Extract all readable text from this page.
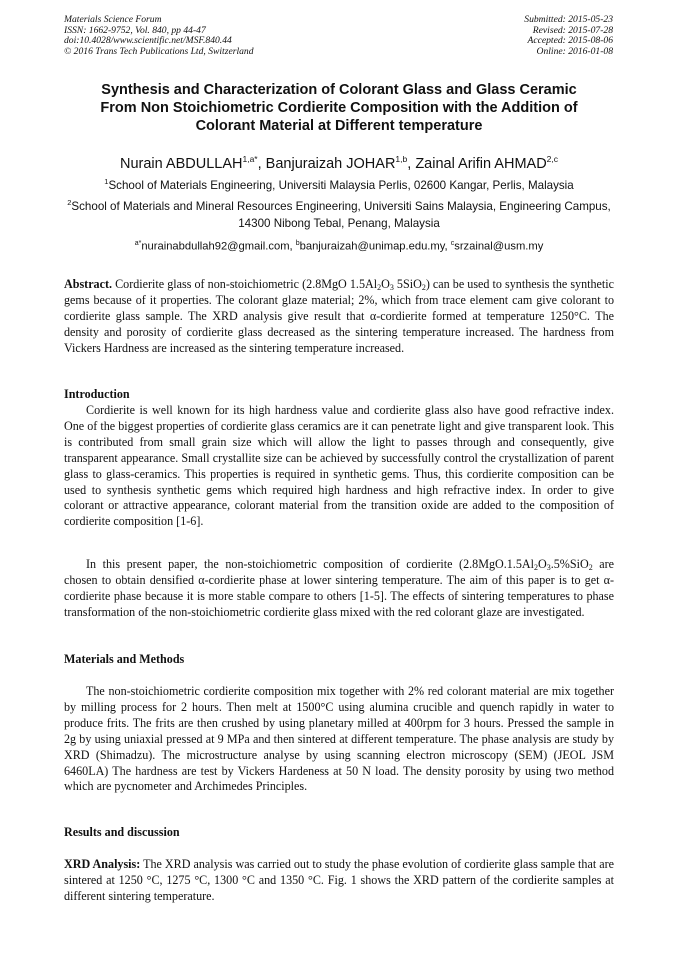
Materials Science Forum
ISSN: 1662-9752, Vol. 840, pp 44-47
doi:10.4028/www.scientific.net/MSF.840.44
© 2016 Trans Tech Publications Ltd, Switzerland
Submitted: 2015-05-23
Revised: 2015-07-28
Accepted: 2015-08-06
Online: 2016-01-08
Synthesis and Characterization of Colorant Glass and Glass Ceramic
From Non Stoichiometric Cordierite Composition with the Addition of
Colorant Material at Different temperature
Nurain $ABDULLAH^{1,a*}$, Banjuraizah JOHAR$^{1,b}$, Zainal Arifin AHMAD$^{2,c}$
$^1$School of Materials Engineering, Universiti Malaysia Perlis, 02600 Kangar, Perlis, Malaysia
$^2$School of Materials and Mineral Resources Engineering, Universiti Sains Malaysia, Engineering Campus, 14300 Nibong Tebal, Penang, Malaysia
$^{a*}$nurainabdullah92@gmail.com, $^b$banjuraizah@unimap.edu.my, $^c$srzainal@usm.my
Abstract. Cordierite glass of non-stoichiometric (2.8MgO $1.5Al_2O_3$ 5SiO$_2$) can be used to synthesis the synthetic gems because of it properties. The colorant glaze material; 2%, which from trace element cam give colorant to cordierite glass sample. The XRD analysis give result that α-cordierite formed at temperature 1250°C. The density and porosity of cordierite glass decreased as the sintering temperature increased. The hardness from Vickers Hardness are increased as the sintering temperature increased.
Introduction
Cordierite is well known for its high hardness value and cordierite glass also have good refractive index. One of the biggest properties of cordierite glass ceramics are it can penetrate light and give transparent look. This is contributed from small grain size which will allow the light to passes through and consequently, give transparent appearance. Small crystallite size can be achieved by successfully control the crystallization of parent glass to glass-ceramics. This properties is required in synthetic gems. Thus, this cordierite composition can be used to synthesis synthetic gems which required high hardness and high refractive index. In order to give colorant or attractive appearance, colorant material from the transition oxide are added to the composition of cordierite composition [1-6].
In this present paper, the non-stoichiometric composition of cordierite ($2.8MgO.1.5Al_2O_3.5\%SiO_2$ are chosen to obtain densified α-cordierite phase at lower sintering temperature. The aim of this paper is to get α-cordierite phase because it is more stable compare to others [1-5]. The effects of sintering temperatures to phase transformation of the non-stoichiometric cordierite glass mixed with the red colorant glaze are investigated.
Materials and Methods
The non-stoichiometric cordierite composition mix together with 2% red colorant material are mix together by milling process for 2 hours. Then melt at 1500°C using alumina crucible and quench rapidly in water to produce frits. The frits are then crushed by using planetary milled at 400rpm for 3 hours. Pressed the sample in 2g by using uniaxial pressed at 9 MPa and then sintered at different temperature. The phase analysis are study by XRD (Shimadzu). The microstructure analyse by using scanning electron microscopy (SEM) (JEOL JSM 6460LA) The hardness are test by Vickers Hardeness at 50 N load. The density porosity by using two method which are pycnometer and Archimedes Principles.
Results and discussion
XRD Analysis: The XRD analysis was carried out to study the phase evolution of cordierite glass sample that are sintered at 1250 °C, 1275 °C, 1300 °C and 1350 °C. Fig. 1 shows the XRD pattern of the cordierite samples at different sintering temperature.
